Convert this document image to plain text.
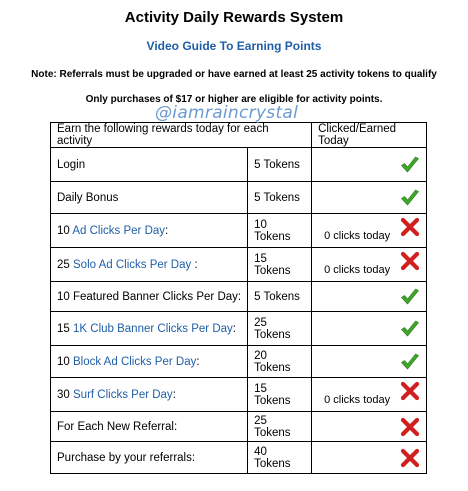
Activity Daily Rewards System
Video Guide To Earning Points
Note: Referrals must be upgraded or have earned at least 25 activity tokens to qualify
Only purchases of $17 or higher are eligible for activity points.
@iamraincrystal
Earn the following rewards today for each activity		Clicked/Earned Today
Login	5 Tokens	

Daily Bonus	5 Tokens	

10 Ad Clicks Per Day:	10 Tokens	0 clicks today

25 Solo Ad Clicks Per Day :	15 Tokens	0 clicks today

10 Featured Banner Clicks Per Day:	5 Tokens	

15 1K Club Banner Clicks Per Day:	25 Tokens	

10 Block Ad Clicks Per Day:	20 Tokens	

30 Surf Clicks Per Day:	15 Tokens	0 clicks today

For Each New Referral:	25 Tokens	

Purchase by your referrals:	40 Tokens	
